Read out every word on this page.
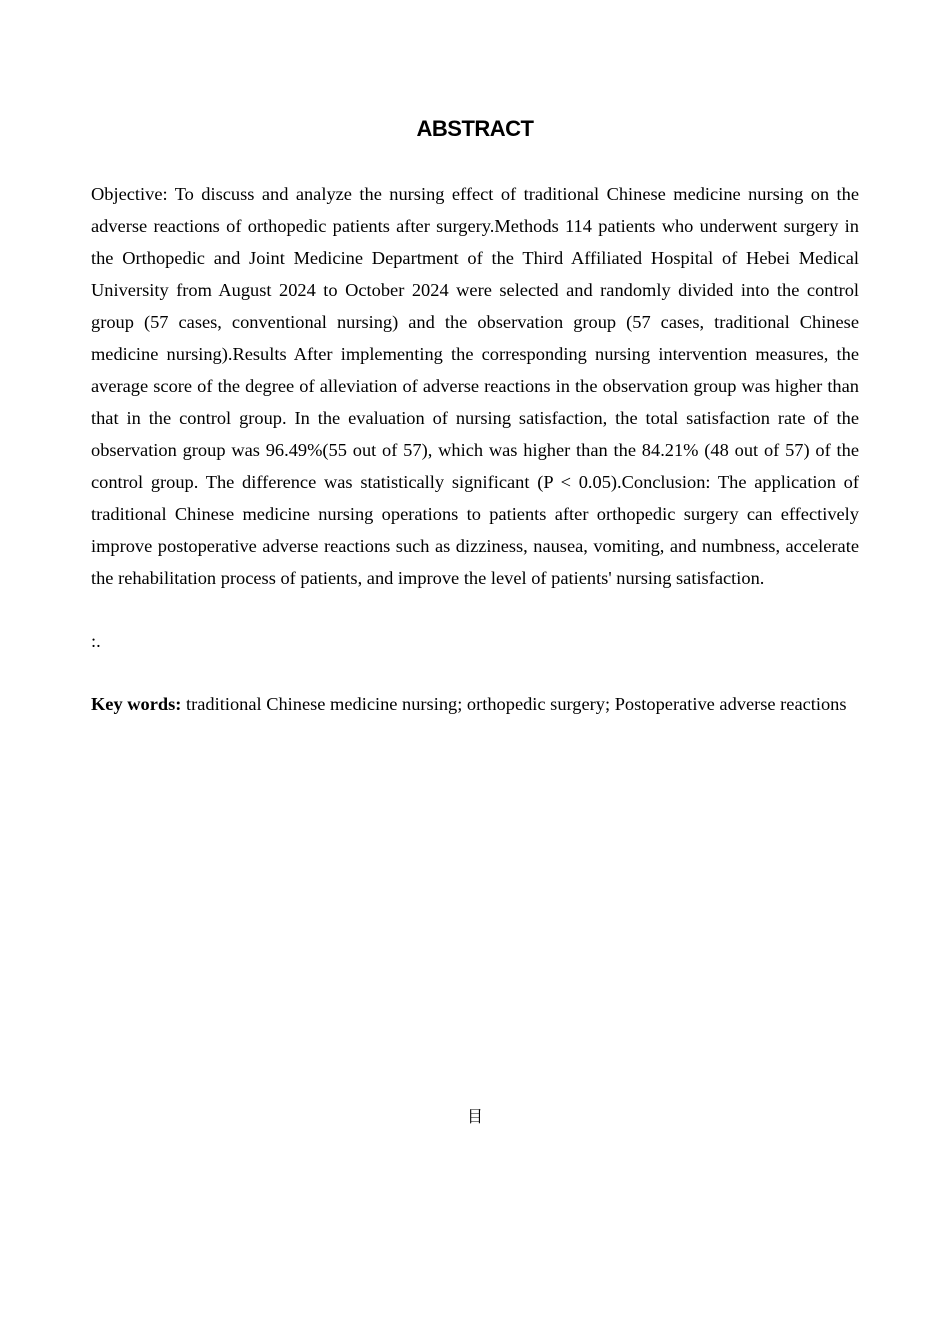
ABSTRACT

Objective: To discuss and analyze the nursing effect of traditional Chinese medicine nursing on the adverse reactions of orthopedic patients after surgery.Methods 114 patients who underwent surgery in the Orthopedic and Joint Medicine Department of the Third Affiliated Hospital of Hebei Medical University from August 2024 to October 2024 were selected and randomly divided into the control group (57 cases, conventional nursing) and the observation group (57 cases, traditional Chinese medicine nursing).Results After implementing the corresponding nursing intervention measures, the average score of the degree of alleviation of adverse reactions in the observation group was higher than that in the control group. In the evaluation of nursing satisfaction, the total satisfaction rate of the observation group was 96.49%(55 out of 57), which was higher than the 84.21% (48 out of 57) of the control group. The difference was statistically significant (P < 0.05).Conclusion: The application of traditional Chinese medicine nursing operations to patients after orthopedic surgery can effectively improve postoperative adverse reactions such as dizziness, nausea, vomiting, and numbness, accelerate the rehabilitation process of patients, and improve the level of patients' nursing satisfaction.

:.

Key words: traditional Chinese medicine nursing; orthopedic surgery; Postoperative adverse reactions

目
